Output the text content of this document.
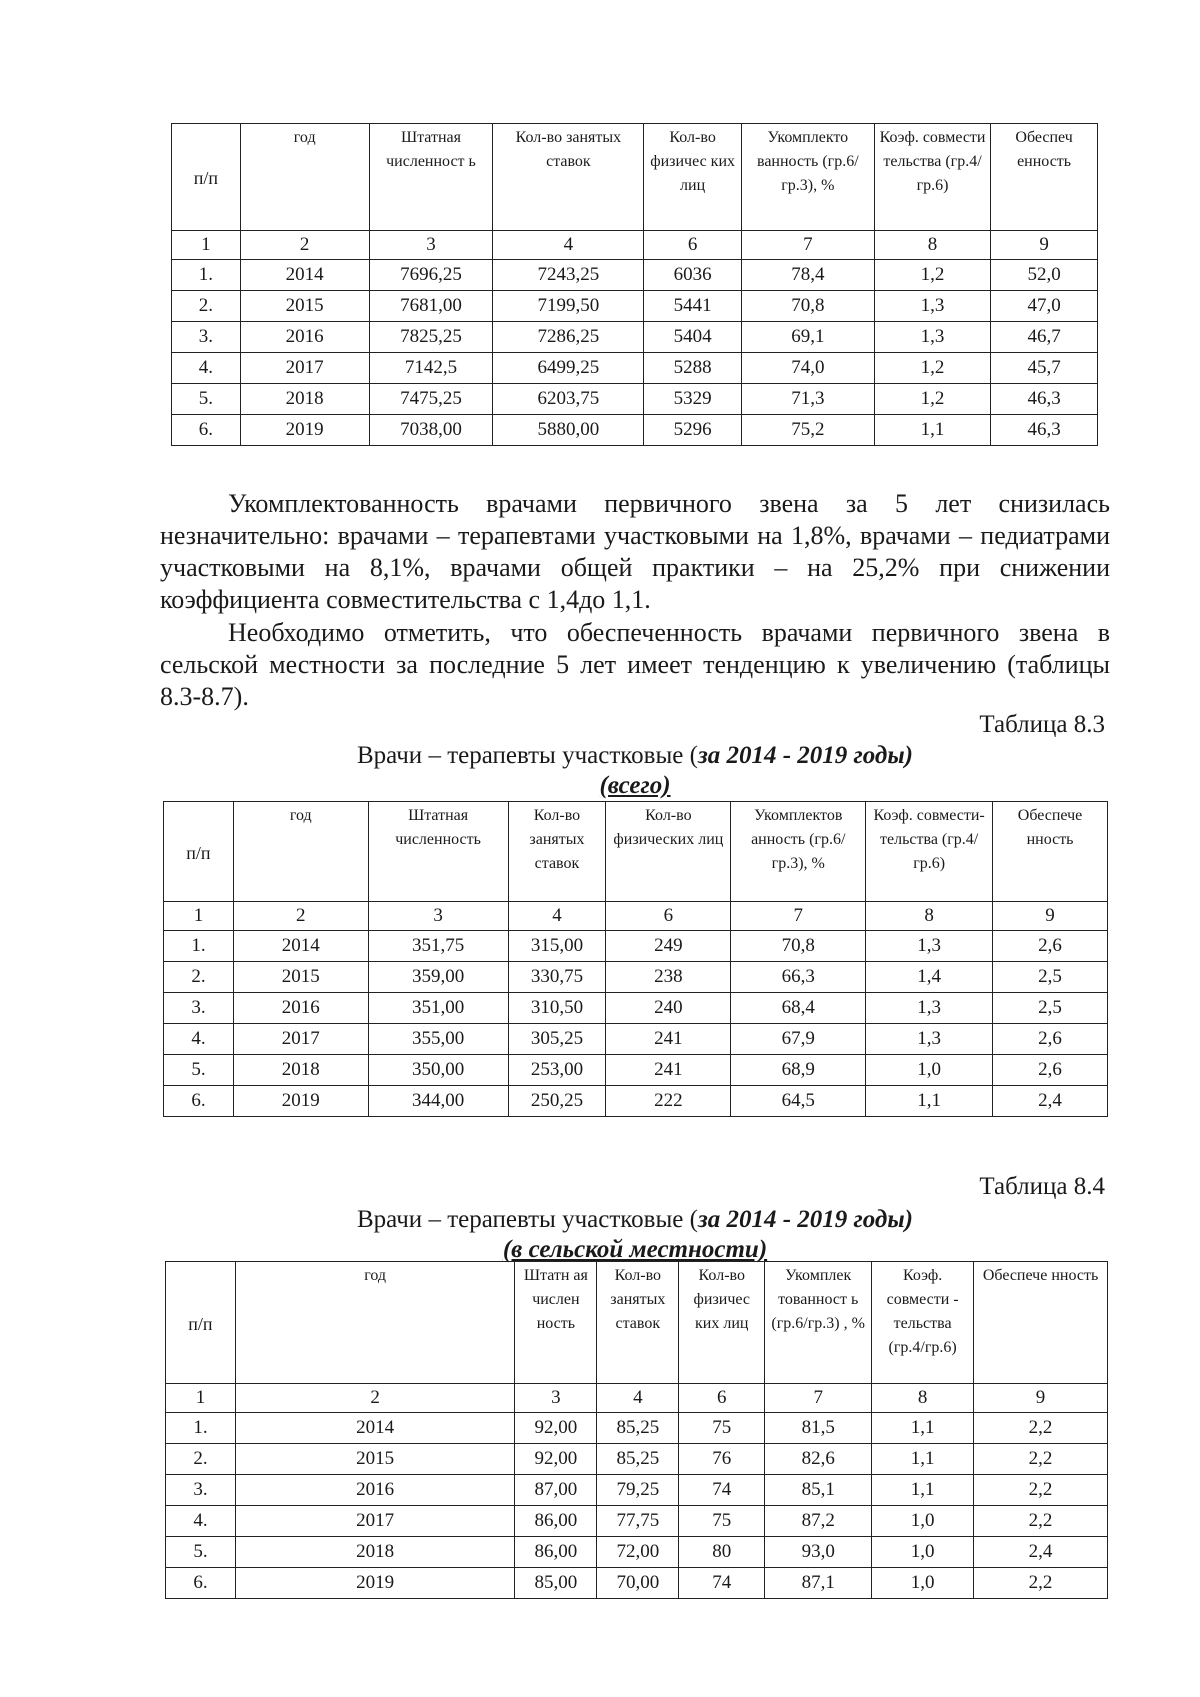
п/п	год	Штатная численност ь	Кол-во занятых ставок	Кол-во физичес ких лиц	Укомплекто ванность (гр.6/гр.3), %	Коэф. совмести тельства (гр.4/гр.6)	Обеспеч енность
1	2	3	4	6	7	8	9
1.	2014	7696,25	7243,25	6036	78,4	1,2	52,0
2.	2015	7681,00	7199,50	5441	70,8	1,3	47,0
3.	2016	7825,25	7286,25	5404	69,1	1,3	46,7
4.	2017	7142,5	6499,25	5288	74,0	1,2	45,7
5.	2018	7475,25	6203,75	5329	71,3	1,2	46,3
6.	2019	7038,00	5880,00	5296	75,2	1,1	46,3

Укомплектованность врачами первичного звена за 5 лет снизилась незначительно: врачами – терапевтами участковыми на 1,8%, врачами – педиатрами участковыми на 8,1%, врачами общей практики – на 25,2% при снижении коэффициента совместительства с 1,4до 1,1.

Необходимо отметить, что обеспеченность врачами первичного звена в сельской местности за последние 5 лет имеет тенденцию к увеличению (таблицы 8.3-8.7).

Таблица 8.3
Врачи – терапевты участковые (за 2014 - 2019 годы)
(всего)
п/п	год	Штатная численность	Кол-во занятых ставок	Кол-во физических лиц	Укомплектов анность (гр.6/гр.3), %	Коэф. совмести- тельства (гр.4/гр.6)	Обеспече нность
1	2	3	4	6	7	8	9
1.	2014	351,75	315,00	249	70,8	1,3	2,6
2.	2015	359,00	330,75	238	66,3	1,4	2,5
3.	2016	351,00	310,50	240	68,4	1,3	2,5
4.	2017	355,00	305,25	241	67,9	1,3	2,6
5.	2018	350,00	253,00	241	68,9	1,0	2,6
6.	2019	344,00	250,25	222	64,5	1,1	2,4
Таблица 8.4
Врачи – терапевты участковые (за 2014 - 2019 годы)
(в сельской местности)
п/п	год	Штатн ая числен ность	Кол-во занятых ставок	Кол-во физичес ких лиц	Укомплек тованност ь (гр.6/гр.3) , %	Коэф. совмести - тельства (гр.4/гр.6)	Обеспече нность
1	2	3	4	6	7	8	9
1.	2014	92,00	85,25	75	81,5	1,1	2,2
2.	2015	92,00	85,25	76	82,6	1,1	2,2
3.	2016	87,00	79,25	74	85,1	1,1	2,2
4.	2017	86,00	77,75	75	87,2	1,0	2,2
5.	2018	86,00	72,00	80	93,0	1,0	2,4
6.	2019	85,00	70,00	74	87,1	1,0	2,2
